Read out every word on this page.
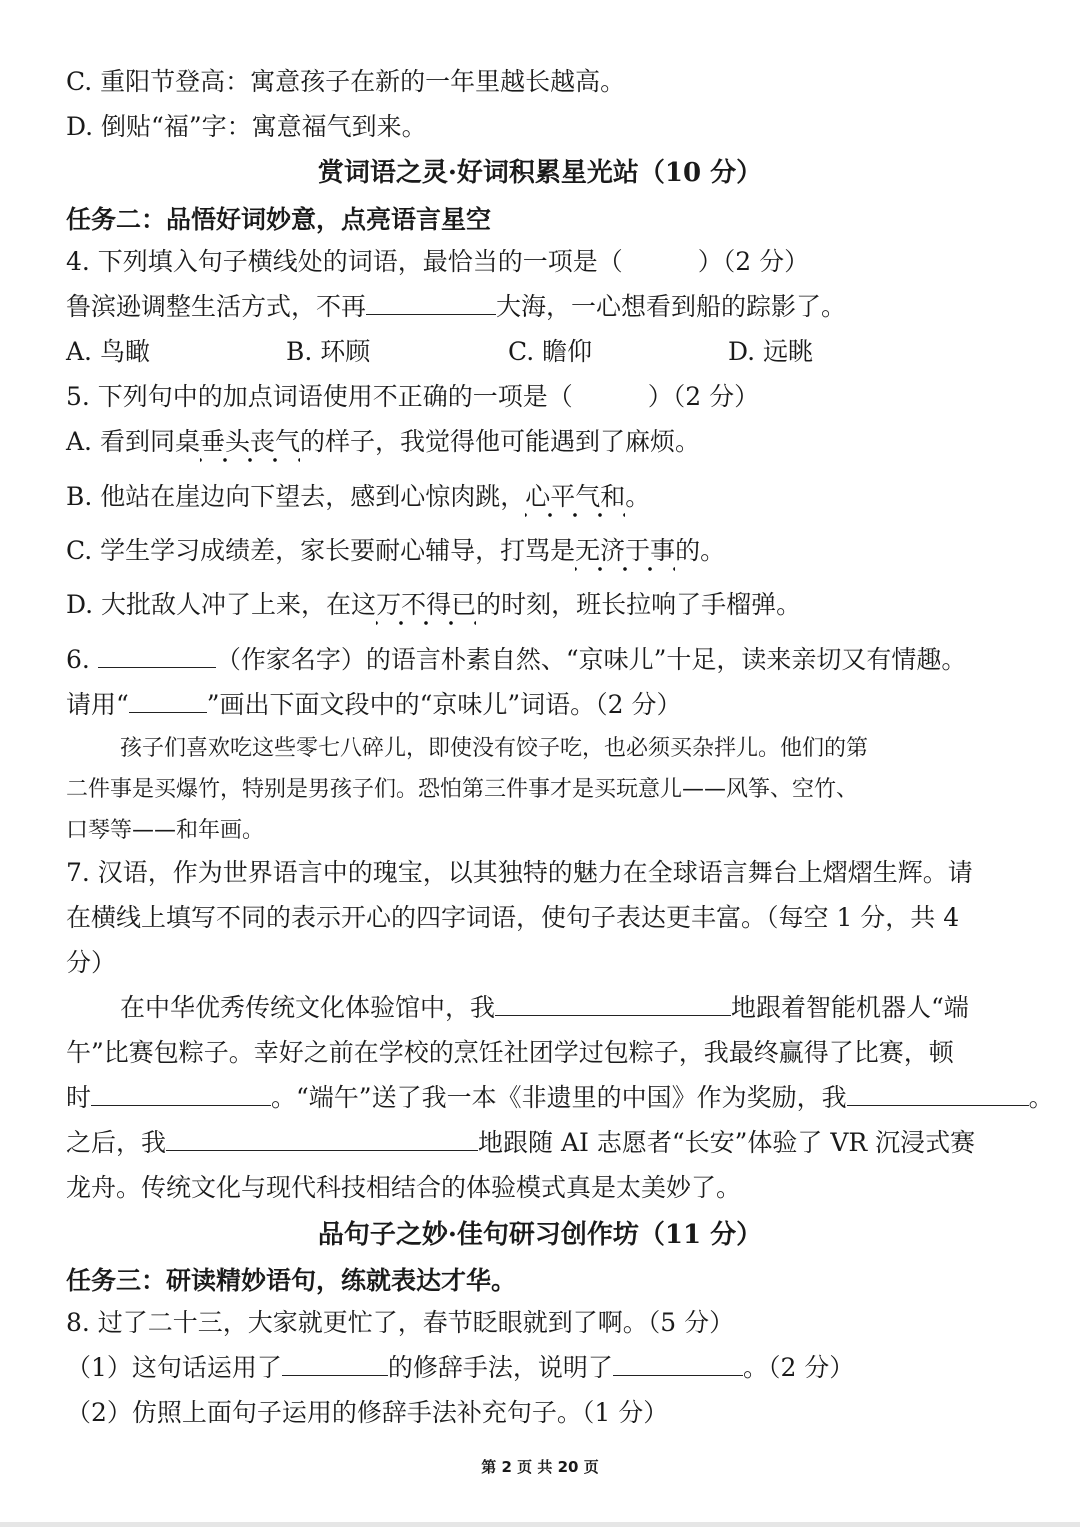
C. 重阳节登高：寓意孩子在新的一年里越长越高。
D. 倒贴“福”字：寓意福气到来。
赏词语之灵·好词积累星光站（10 分）
任务二：品悟好词妙意，点亮语言星空
4. 下列填入句子横线处的词语，最恰当的一项是（　　　）（2 分）
鲁滨逊调整生活方式，不再	大海，一心想看到船的踪影了。
A. 鸟瞰	B. 环顾	C. 瞻仰	D. 远眺
5. 下列句中的加点词语使用不正确的一项是（　　　）（2 分）
A. 看到同桌垂头丧气的样子，我觉得他可能遇到了麻烦。
B. 他站在崖边向下望去，感到心惊肉跳，心平气和。
C. 学生学习成绩差，家长要耐心辅导，打骂是无济于事的。
D. 大批敌人冲了上来，在这万不得已的时刻，班长拉响了手榴弹。
6.	（作家名字）的语言朴素自然、“京味儿”十足，读来亲切又有情趣。
请用“	”画出下面文段中的“京味儿”词语。（2 分）
孩子们喜欢吃这些零七八碎儿，即使没有饺子吃，也必须买杂拌儿。他们的第
二件事是买爆竹，特别是男孩子们。恐怕第三件事才是买玩意儿——风筝、空竹、
口琴等——和年画。
7. 汉语，作为世界语言中的瑰宝，以其独特的魅力在全球语言舞台上熠熠生辉。请
在横线上填写不同的表示开心的四字词语，使句子表达更丰富。（每空 1 分，共 4
分）
在中华优秀传统文化体验馆中，我	地跟着智能机器人“端
午”比赛包粽子。幸好之前在学校的烹饪社团学过包粽子，我最终赢得了比赛，顿
时	。“端午”送了我一本《非遗里的中国》作为奖励，我	。
之后，我	地跟随 AI 志愿者“长安”体验了 VR 沉浸式赛
龙舟。传统文化与现代科技相结合的体验模式真是太美妙了。
品句子之妙·佳句研习创作坊（11 分）
任务三：研读精妙语句，练就表达才华。
8. 过了二十三，大家就更忙了，春节眨眼就到了啊。（5 分）
（1）这句话运用了	的修辞手法，说明了	。（2 分）
（2）仿照上面句子运用的修辞手法补充句子。（1 分）
第 2 页 共 20 页
